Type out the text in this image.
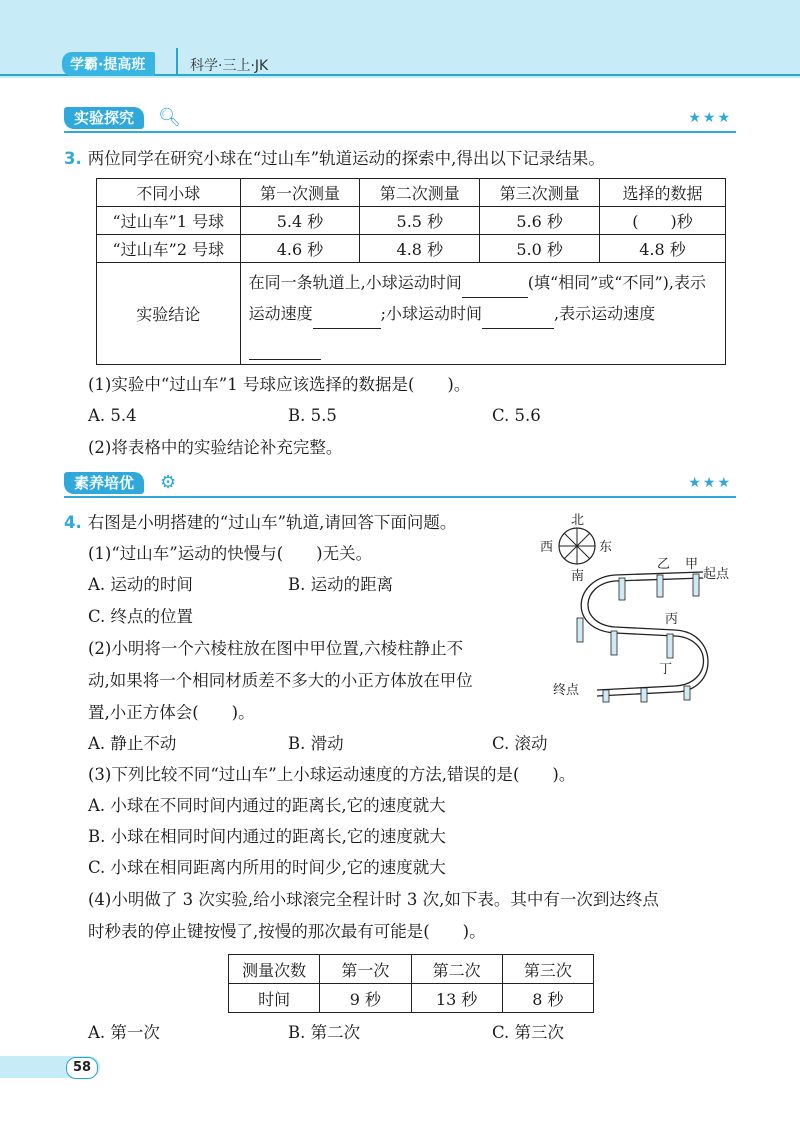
学霸·提高班	科学·三上·JK
实验探究	🔍︎	★★★
3. 两位同学在研究小球在“过山车”轨道运动的探索中,得出以下记录结果。
不同小球	第一次测量	第二次测量	第三次测量	选择的数据
“过山车”1 号球	5.4 秒	5.5 秒	5.6 秒	(　　)秒
“过山车”2 号球	4.6 秒	4.8 秒	5.0 秒	4.8 秒
实验结论	在同一条轨道上,小球运动时间 (填“相同”或“不同”),表示运动速度 ;小球运动时间 ,表示运动速度			
(1)实验中“过山车”1 号球应该选择的数据是(　　)。
A. 5.4	B. 5.5	C. 5.6
(2)将表格中的实验结论补充完整。
素养培优	⚙	★★★
4. 右图是小明搭建的“过山车”轨道,请回答下面问题。
(1)“过山车”运动的快慢与(　　)无关。
A. 运动的时间	B. 运动的距离
C. 终点的位置
(2)小明将一个六棱柱放在图中甲位置,六棱柱静止不
动,如果将一个相同材质差不多大的小正方体放在甲位
置,小正方体会(　　)。
A. 静止不动	B. 滑动	C. 滚动
(3)下列比较不同“过山车”上小球运动速度的方法,错误的是(　　)。
A. 小球在不同时间内通过的距离长,它的速度就大
B. 小球在相同时间内通过的距离长,它的速度就大
C. 小球在相同距离内所用的时间少,它的速度就大
(4)小明做了 3 次实验,给小球滚完全程计时 3 次,如下表。其中有一次到达终点
时秒表的停止键按慢了,按慢的那次最有可能是(　　)。
测量次数	第一次	第二次	第三次
时间	9 秒	13 秒	8 秒
A. 第一次	B. 第二次	C. 第三次
北
南
东
西
乙 甲
起点
丙
丁
终点
58
